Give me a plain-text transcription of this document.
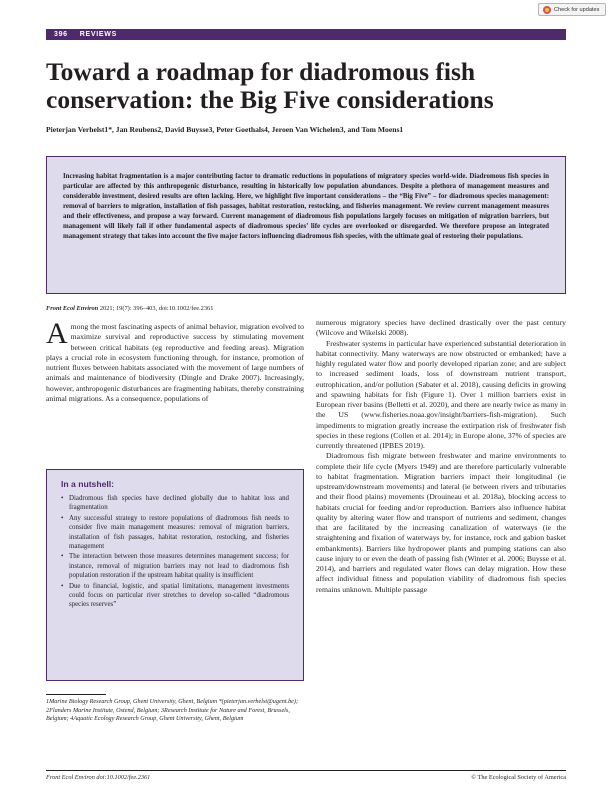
Check for updates
396 REVIEWS
Toward a roadmap for diadromous fish conservation: the Big Five considerations
Pieterjan Verhelst1*, Jan Reubens2, David Buysse3, Peter Goethals4, Jeroen Van Wichelen3, and Tom Moens1
Increasing habitat fragmentation is a major contributing factor to dramatic reductions in populations of migratory species world-wide. Diadromous fish species in particular are affected by this anthropogenic disturbance, resulting in historically low population abundances. Despite a plethora of management measures and considerable investment, desired results are often lacking. Here, we highlight five important considerations – the “Big Five” – for diadromous species management: removal of barriers to migration, installation of fish passages, habitat restoration, restocking, and fisheries management. We review current management measures and their effectiveness, and propose a way forward. Current management of diadromous fish populations largely focuses on mitigation of migration barriers, but management will likely fail if other fundamental aspects of diadromous species’ life cycles are overlooked or disregarded. We therefore propose an integrated management strategy that takes into account the five major factors influencing diadromous fish species, with the ultimate goal of restoring their populations.
Front Ecol Environ 2021; 19(7): 396–403, doi:10.1002/fee.2361

Among the most fascinating aspects of animal behavior, migration evolved to maximize survival and reproductive success by stimulating movement between critical habitats (eg reproductive and feeding areas). Migration plays a crucial role in ecosystem functioning through, for instance, promotion of nutrient fluxes between habitats associated with the movement of large numbers of animals and maintenance of biodiversity (Dingle and Drake 2007). Increasingly, however, anthropogenic disturbances are fragmenting habitats, thereby constraining animal migrations. As a consequence, populations of

In a nutshell:
• Diadromous fish species have declined globally due to habitat loss and fragmentation
• Any successful strategy to restore populations of diadromous fish needs to consider five main management measures: removal of migration barriers, installation of fish passages, habitat restoration, restocking, and fisheries management
• The interaction between those measures determines management success; for instance, removal of migration barriers may not lead to diadromous fish population restoration if the upstream habitat quality is insufficient
• Due to financial, logistic, and spatial limitations, management investments could focus on particular river stretches to develop so-called “diadromous species reserves”
1Marine Biology Research Group, Ghent University, Ghent, Belgium *(pieterjan.verhelst@ugent.be); 2Flanders Marine Institute, Ostend, Belgium; 3Research Institute for Nature and Forest, Brussels, Belgium; 4Aquatic Ecology Research Group, Ghent University, Ghent, Belgium

numerous migratory species have declined drastically over the past century (Wilcove and Wikelski 2008).

Freshwater systems in particular have experienced substantial deterioration in habitat connectivity. Many waterways are now obstructed or embanked; have a highly regulated water flow and poorly developed riparian zone; and are subject to increased sediment loads, loss of downstream nutrient transport, eutrophication, and/or pollution (Sabater et al. 2018), causing deficits in growing and spawning habitats for fish (Figure 1). Over 1 million barriers exist in European river basins (Belletti et al. 2020), and there are nearly twice as many in the US (www.fisheries.noaa.gov/insight/barriers-fish-migration). Such impediments to migration greatly increase the extirpation risk of freshwater fish species in these regions (Collen et al. 2014); in Europe alone, 37% of species are currently threatened (IPBES 2019).

Diadromous fish migrate between freshwater and marine environments to complete their life cycle (Myers 1949) and are therefore particularly vulnerable to habitat fragmentation. Migration barriers impact their longitudinal (ie upstream/downstream movements) and lateral (ie between rivers and tributaries and their flood plains) movements (Drouineau et al. 2018a), blocking access to habitats crucial for feeding and/or reproduction. Barriers also influence habitat quality by altering water flow and transport of nutrients and sediment, changes that are facilitated by the increasing canalization of waterways (ie the straightening and fixation of waterways by, for instance, rock and gabion basket embankments). Barriers like hydropower plants and pumping stations can also cause injury to or even the death of passing fish (Winter et al. 2006; Buysse et al. 2014), and barriers and regulated water flows can delay migration. How these affect individual fitness and population viability of diadromous fish species remains unknown. Multiple passage

Front Ecol Environ doi:10.1002/fee.2361	© The Ecological Society of America
